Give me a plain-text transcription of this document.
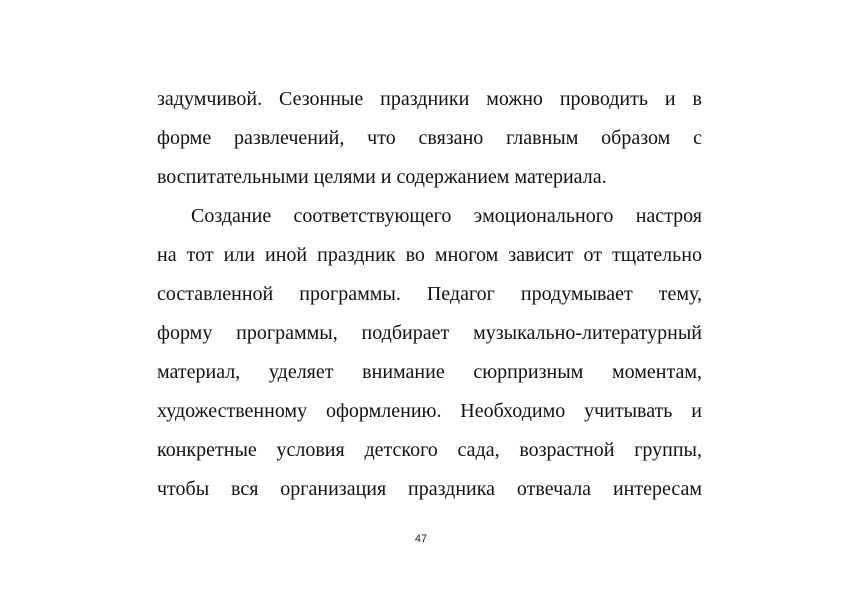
задумчивой. Сезонные праздники можно проводить и в
форме развлечений, что связано главным образом с
воспитательными целями и содержанием материала.
Создание соответствующего эмоционального настроя
на тот или иной праздник во многом зависит от тщательно
составленной программы. Педагог продумывает тему,
форму программы, подбирает музыкально-литературный
материал, уделяет внимание сюрпризным моментам,
художественному оформлению. Необходимо учитывать и
конкретные условия детского сада, возрастной группы,
чтобы вся организация праздника отвечала интересам
47
